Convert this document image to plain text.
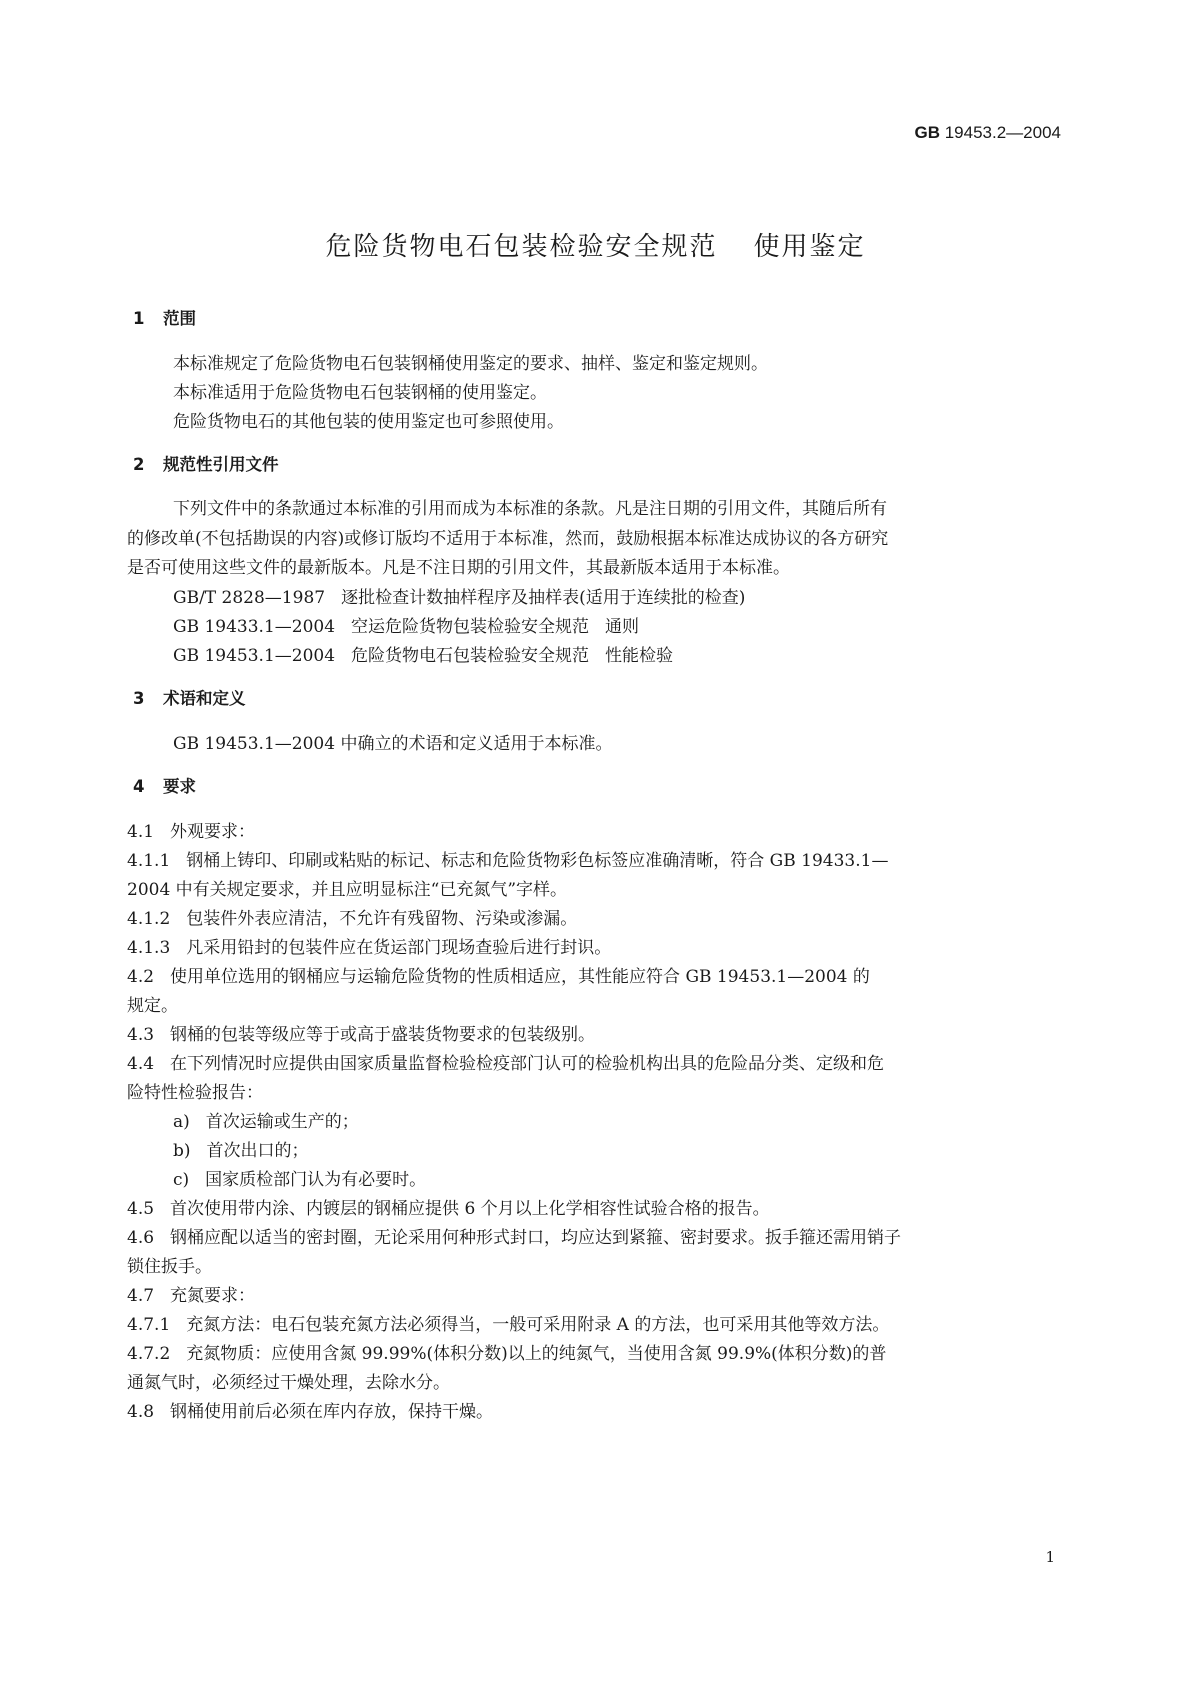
GB 19453.2—2004
危险货物电石包装检验安全规范 使用鉴定
1 范围
本标准规定了危险货物电石包装钢桶使用鉴定的要求、抽样、鉴定和鉴定规则。
本标准适用于危险货物电石包装钢桶的使用鉴定。
危险货物电石的其他包装的使用鉴定也可参照使用。
2 规范性引用文件
下列文件中的条款通过本标准的引用而成为本标准的条款。凡是注日期的引用文件，其随后所有
的修改单(不包括勘误的内容)或修订版均不适用于本标准，然而，鼓励根据本标准达成协议的各方研究
是否可使用这些文件的最新版本。凡是不注日期的引用文件，其最新版本适用于本标准。
GB/T 2828—1987 逐批检查计数抽样程序及抽样表(适用于连续批的检查)
GB 19433.1—2004 空运危险货物包装检验安全规范 通则
GB 19453.1—2004 危险货物电石包装检验安全规范 性能检验
3 术语和定义
GB 19453.1—2004 中确立的术语和定义适用于本标准。
4 要求
4.1 外观要求：
4.1.1 钢桶上铸印、印刷或粘贴的标记、标志和危险货物彩色标签应准确清晰，符合 GB 19433.1—
2004 中有关规定要求，并且应明显标注“已充氮气”字样。
4.1.2 包装件外表应清洁，不允许有残留物、污染或渗漏。
4.1.3 凡采用铅封的包装件应在货运部门现场查验后进行封识。
4.2 使用单位选用的钢桶应与运输危险货物的性质相适应，其性能应符合 GB 19453.1—2004 的
规定。
4.3 钢桶的包装等级应等于或高于盛装货物要求的包装级别。
4.4 在下列情况时应提供由国家质量监督检验检疫部门认可的检验机构出具的危险品分类、定级和危
险特性检验报告：
a) 首次运输或生产的；
b) 首次出口的；
c) 国家质检部门认为有必要时。
4.5 首次使用带内涂、内镀层的钢桶应提供 6 个月以上化学相容性试验合格的报告。
4.6 钢桶应配以适当的密封圈，无论采用何种形式封口，均应达到紧箍、密封要求。扳手箍还需用销子
锁住扳手。
4.7 充氮要求：
4.7.1 充氮方法：电石包装充氮方法必须得当，一般可采用附录 A 的方法，也可采用其他等效方法。
4.7.2 充氮物质：应使用含氮 99.99%(体积分数)以上的纯氮气，当使用含氮 99.9%(体积分数)的普
通氮气时，必须经过干燥处理，去除水分。
4.8 钢桶使用前后必须在库内存放，保持干燥。
1
